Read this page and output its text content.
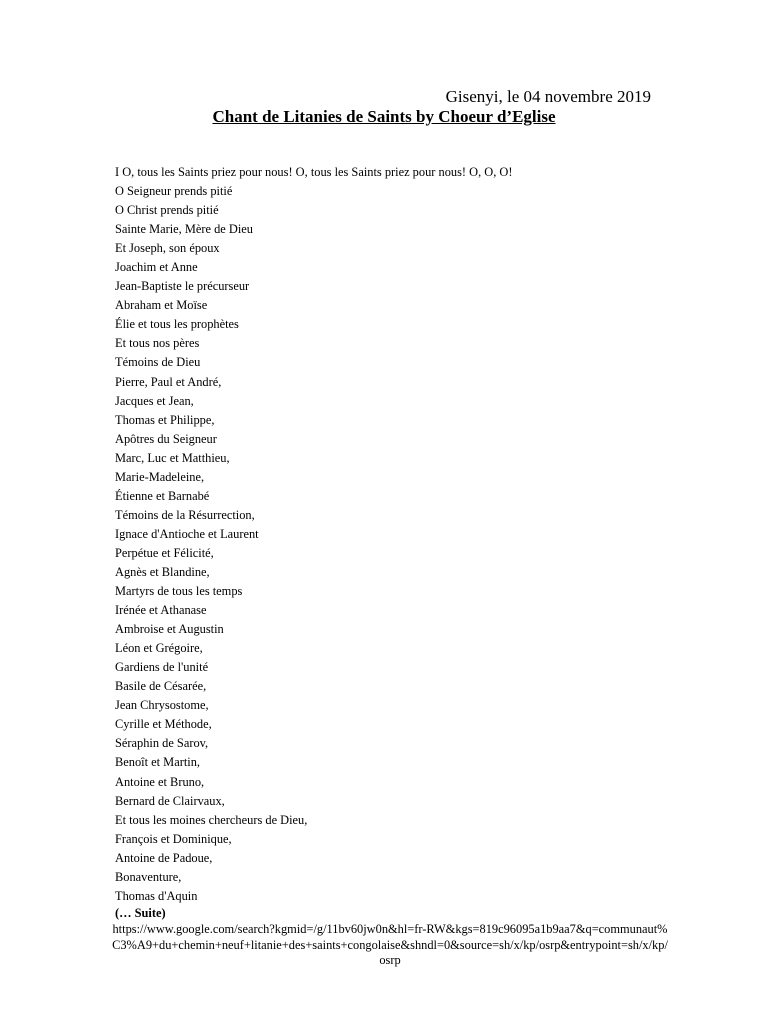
Gisenyi, le 04 novembre 2019
Chant de Litanies de Saints by Choeur d’Eglise
I O, tous les Saints priez pour nous! O, tous les Saints priez pour nous! O, O, O!
O Seigneur prends pitié
O Christ prends pitié
Sainte Marie, Mère de Dieu
Et Joseph, son époux
Joachim et Anne
Jean-Baptiste le précurseur
Abraham et Moïse
Élie et tous les prophètes
Et tous nos pères
Témoins de Dieu
Pierre, Paul et André,
Jacques et Jean,
Thomas et Philippe,
Apôtres du Seigneur
Marc, Luc et Matthieu,
Marie-Madeleine,
Étienne et Barnabé
Témoins de la Résurrection,
Ignace d'Antioche et Laurent
Perpétue et Félicité,
Agnès et Blandine,
Martyrs de tous les temps
Irénée et Athanase
Ambroise et Augustin
Léon et Grégoire,
Gardiens de l'unité
Basile de Césarée,
Jean Chrysostome,
Cyrille et Méthode,
Séraphin de Sarov,
Benoît et Martin,
Antoine et Bruno,
Bernard de Clairvaux,
Et tous les moines chercheurs de Dieu,
François et Dominique,
Antoine de Padoue,
Bonaventure,
Thomas d'Aquin
(… Suite)
https://www.google.com/search?kgmid=/g/11bv60jw0n&hl=fr-RW&kgs=819c96095a1b9aa7&q=communaut%C3%A9+du+chemin+neuf+litanie+des+saints+congolaise&shndl=0&source=sh/x/kp/osrp&entrypoint=sh/x/kp/osrp
